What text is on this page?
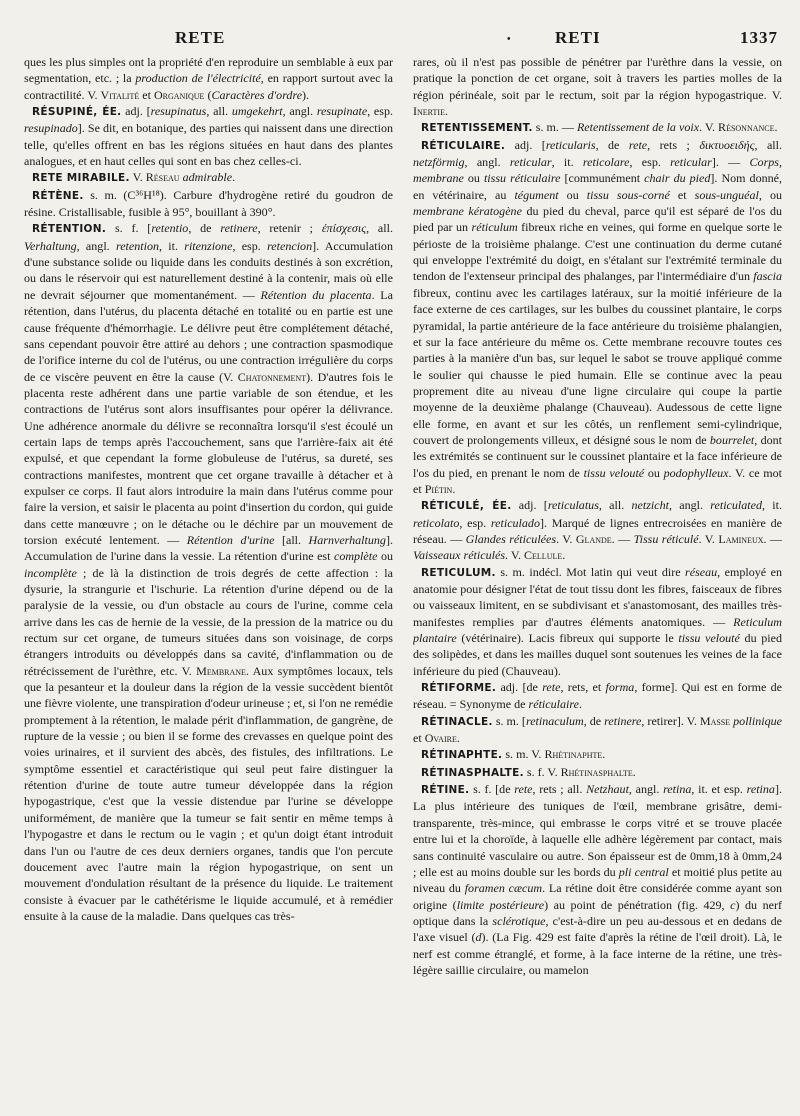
RETE	•	RETI	1337

ques les plus simples ont la propriété d'en reproduire un semblable à eux par segmentation, etc. ; la production de l'électricité, en rapport surtout avec la contractilité. V. Vitalité et Organique (Caractères d'ordre).

RÉSUPINÉ, ÉE. adj. [resupinatus, all. umgekehrt, angl. resupinate, esp. resupinado]. Se dit, en botanique, des parties qui naissent dans une direction telle, qu'elles offrent en bas les régions situées en haut dans des plantes analogues, et en haut celles qui sont en bas chez celles-ci.

RETE MIRABILE. V. Réseau admirable.

RÉTÈNE. s. m. (C³⁶H¹⁸). Carbure d'hydrogène retiré du goudron de résine. Cristallisable, fusible à 95°, bouillant à 390°.

RÉTENTION. s. f. [retentio, de retinere, retenir ; ἐπίσχεσις, all. Verhaltung, angl. retention, it. ritenzione, esp. retencion]. Accumulation d'une substance solide ou liquide dans les conduits destinés à son excrétion, ou dans le réservoir qui est naturellement destiné à la contenir, mais où elle ne devrait séjourner que momentanément. — Rétention du placenta. La rétention, dans l'utérus, du placenta détaché en totalité ou en partie est une cause fréquente d'hémorrhagie. Le délivre peut être complétement détaché, sans cependant pouvoir être attiré au dehors ; une contraction spasmodique de l'orifice interne du col de l'utérus, ou une contraction irrégulière du corps de ce viscère peuvent en être la cause (V. Chatonnement). D'autres fois le placenta reste adhérent dans une partie variable de son étendue, et les contractions de l'utérus sont alors insuffisantes pour opérer la délivrance. Une adhérence anormale du délivre se reconnaîtra lorsqu'il s'est écoulé un certain laps de temps après l'accouchement, sans que l'arrière-faix ait été expulsé, et que cependant la forme globuleuse de l'utérus, sa dureté, ses contractions manifestes, montrent que cet organe travaille à détacher et à expulser ce corps. Il faut alors introduire la main dans l'utérus comme pour faire la version, et saisir le placenta au point d'insertion du cordon, qui guide dans cette manœuvre ; on le détache ou le déchire par un mouvement de torsion exécuté lentement. — Rétention d'urine [all. Harnverhaltung]. Accumulation de l'urine dans la vessie. La rétention d'urine est complète ou incomplète ; de là la distinction de trois degrés de cette affection : la dysurie, la strangurie et l'ischurie. La rétention d'urine dépend ou de la paralysie de la vessie, ou d'un obstacle au cours de l'urine, comme cela arrive dans les cas de hernie de la vessie, de la pression de la matrice ou du rectum sur cet organe, de tumeurs situées dans son voisinage, de corps étrangers introduits ou développés dans sa cavité, d'inflammation ou de rétrécissement de l'urèthre, etc. V. Membrane. Aux symptômes locaux, tels que la pesanteur et la douleur dans la région de la vessie succèdent bientôt une fièvre violente, une transpiration d'odeur urineuse ; et, si l'on ne remédie promptement à la rétention, le malade périt d'inflammation, de gangrène, de rupture de la vessie ; ou bien il se forme des crevasses en quelque point des voies urinaires, et il survient des abcès, des fistules, des infiltrations. Le symptôme essentiel et caractéristique qui seul peut faire distinguer la rétention d'urine de toute autre tumeur développée dans la région hypogastrique, c'est que la vessie distendue par l'urine se développe uniformément, de manière que la tumeur se fait sentir en même temps à l'hypogastre et dans le rectum ou le vagin ; et qu'un doigt étant introduit dans l'un ou l'autre de ces deux derniers organes, tandis que l'on percute doucement avec l'autre main la région hypogastrique, on sent un mouvement d'ondulation résultant de la présence du liquide. Le traitement consiste à évacuer par le cathétérisme le liquide accumulé, et à remédier ensuite à la cause de la maladie. Dans quelques cas très-

rares, où il n'est pas possible de pénétrer par l'urèthre dans la vessie, on pratique la ponction de cet organe, soit à travers les parties molles de la région périnéale, soit par le rectum, soit par la région hypogastrique. V. Inertie.

RETENTISSEMENT. s. m. — Retentissement de la voix. V. Résonnance.

RÉTICULAIRE. adj. [reticularis, de rete, rets ; δικτυοειδής, all. netzförmig, angl. reticular, it. reticolare, esp. reticular]. — Corps, membrane ou tissu réticulaire [communément chair du pied]. Nom donné, en vétérinaire, au tégument ou tissu sous-corné et sous-unguéal, ou membrane kératogène du pied du cheval, parce qu'il est séparé de l'os du pied par un réticulum fibreux riche en veines, qui forme en quelque sorte le périoste de la troisième phalange. C'est une continuation du derme cutané qui enveloppe l'extrémité du doigt, en s'étalant sur l'extrémité terminale du tendon de l'extenseur principal des phalanges, par l'intermédiaire d'un fascia fibreux, continu avec les cartilages latéraux, sur la moitié inférieure de la face externe de ces cartilages, sur les bulbes du coussinet plantaire, le corps pyramidal, la partie antérieure de la face antérieure du troisième phalangien, et sur la face antérieure du même os. Cette membrane recouvre toutes ces parties à la manière d'un bas, sur lequel le sabot se trouve appliqué comme le soulier qui chausse le pied humain. Elle se continue avec la peau proprement dite au niveau d'une ligne circulaire qui coupe la partie moyenne de la deuxième phalange (Chauveau). Audessous de cette ligne elle forme, en avant et sur les côtés, un renflement semi-cylindrique, couvert de prolongements villeux, et désigné sous le nom de bourrelet, dont les extrémités se continuent sur le coussinet plantaire et la face inférieure de l'os du pied, en prenant le nom de tissu velouté ou podophylleux. V. ce mot et Piétin.

RÉTICULÉ, ÉE. adj. [reticulatus, all. netzicht, angl. reticulated, it. reticolato, esp. reticulado]. Marqué de lignes entrecroisées en manière de réseau. — Glandes réticulées. V. Glande. — Tissu réticulé. V. Lamineux. — Vaisseaux réticulés. V. Cellule.

RETICULUM. s. m. indécl. Mot latin qui veut dire réseau, employé en anatomie pour désigner l'état de tout tissu dont les fibres, faisceaux de fibres ou vaisseaux limitent, en se subdivisant et s'anastomosant, des mailles très-manifestes remplies par d'autres éléments anatomiques. — Reticulum plantaire (vétérinaire). Lacis fibreux qui supporte le tissu velouté du pied des solipèdes, et dans les mailles duquel sont soutenues les veines de la face inférieure du pied (Chauveau).

RÉTIFORME. adj. [de rete, rets, et forma, forme]. Qui est en forme de réseau. = Synonyme de réticulaire.

RÉTINACLE. s. m. [retinaculum, de retinere, retirer]. V. Masse pollinique et Ovaire.

RÉTINAPHTE. s. m. V. Rhétinaphte.

RÉTINASPHALTE. s. f. V. Rhétinasphalte.

RÉTINE. s. f. [de rete, rets ; all. Netzhaut, angl. retina, it. et esp. retina]. La plus intérieure des tuniques de l'œil, membrane grisâtre, demi-transparente, très-mince, qui embrasse le corps vitré et se trouve placée entre lui et la choroïde, à laquelle elle adhère légèrement par contact, mais sans continuité vasculaire ou autre. Son épaisseur est de 0mm,18 à 0mm,24 ; elle est au moins double sur les bords du pli central et moitié plus petite au niveau du foramen cæcum. La rétine doit être considérée comme ayant son origine (limite postérieure) au point de pénétration (fig. 429, c) du nerf optique dans la sclérotique, c'est-à-dire un peu au-dessous et en dedans de l'axe visuel (d). (La Fig. 429 est faite d'après la rétine de l'œil droit). Là, le nerf est comme étranglé, et forme, à la face interne de la rétine, une très-légère saillie circulaire, ou mamelon
